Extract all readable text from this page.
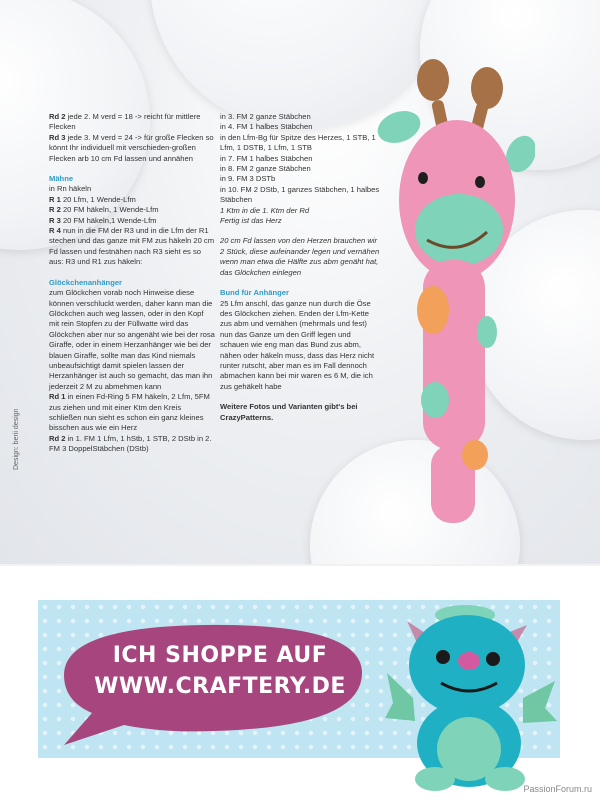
Rd 2 jede 2. M verd = 18 -> reicht für mittlere Flecken

Rd 3 jede 3. M verd = 24 -> für große Flecken so könnt Ihr individuell mit verschieden-großen Flecken arb 10 cm Fd lassen und annähen

Mähne

in Rn häkeln

R 1 20 Lfm, 1 Wende-Lfm

R 2 20 FM häkeln, 1 Wende-Lfm

R 3 20 FM häkeln,1 Wende-Lfm

R 4 nun in die FM der R3 und in die Lfm der R1 stechen und das ganze mit FM zus häkeln 20 cm Fd lassen und festnähen nach R3 sieht es so aus: R3 und R1 zus häkeln:

Glöckchenanhänger

zum Glöckchen vorab noch Hinweise diese können verschluckt werden, daher kann man die Glöckchen auch weg lassen, oder in den Kopf mit rein Stopfen zu der Füllwatte wird das Glöckchen aber nur so angenäht wie bei der rosa Giraffe, oder in einem Herzanhänger wie bei der blauen Giraffe, sollte man das Kind niemals unbeaufsichtigt damit spielen lassen der Herzanhänger ist auch so gemacht, das man ihn jederzeit 2 M zu abmehmen kann

Rd 1 in einen Fd-Ring 5 FM häkeln, 2 Lfm, 5FM zus ziehen und mit einer Ktm den Kreis schließen nun sieht es schon ein ganz kleines bisschen aus wie ein Herz

Rd 2 in 1. FM 1 Lfm, 1 hStb, 1 STB, 2 DStb in 2. FM 3 DoppelStäbchen (DStb)

in 3. FM 2 ganze Stäbchen

in 4. FM 1 halbes Stäbchen

in den Lfm-Bg für Spitze des Herzes, 1 STB, 1 Lfm, 1 DSTB, 1 Lfm, 1 STB

in 7. FM 1 halbes Stäbchen

in 8. FM 2 ganze Stäbchen

in 9. FM 3 DSTb

in 10. FM 2 DStb, 1 ganzes Stäbchen, 1 halbes Stäbchen

1 Ktm in die 1. Ktm der Rd

Fertig ist das Herz

20 cm Fd lassen von den Herzen brauchen wir 2 Stück, diese aufeinander legen und vernähen wenn man etwa die Hälfte zus abm genäht hat, das Glöckchen einlegen

Bund für Anhänger

25 Lfm anschl, das ganze nun durch die Öse des Glöckchen ziehen. Enden der Lfm-Kette zus abm und vernähen (mehrmals und fest) nun das Ganze um den Griff legen und schauen wie eng man das Bund zus abm, nähen oder häkeln muss, dass das Herz nicht runter rutscht, aber man es im Fall dennoch abmachen kann bei mir waren es 6 M, die ich zus gehäkelt habe

Weitere Fotos und Varianten gibt's bei CrazyPatterns.

Design: berii design
ICH SHOPPE AUF
WWW.CRAFTERY.DE
PassionForum.ru
